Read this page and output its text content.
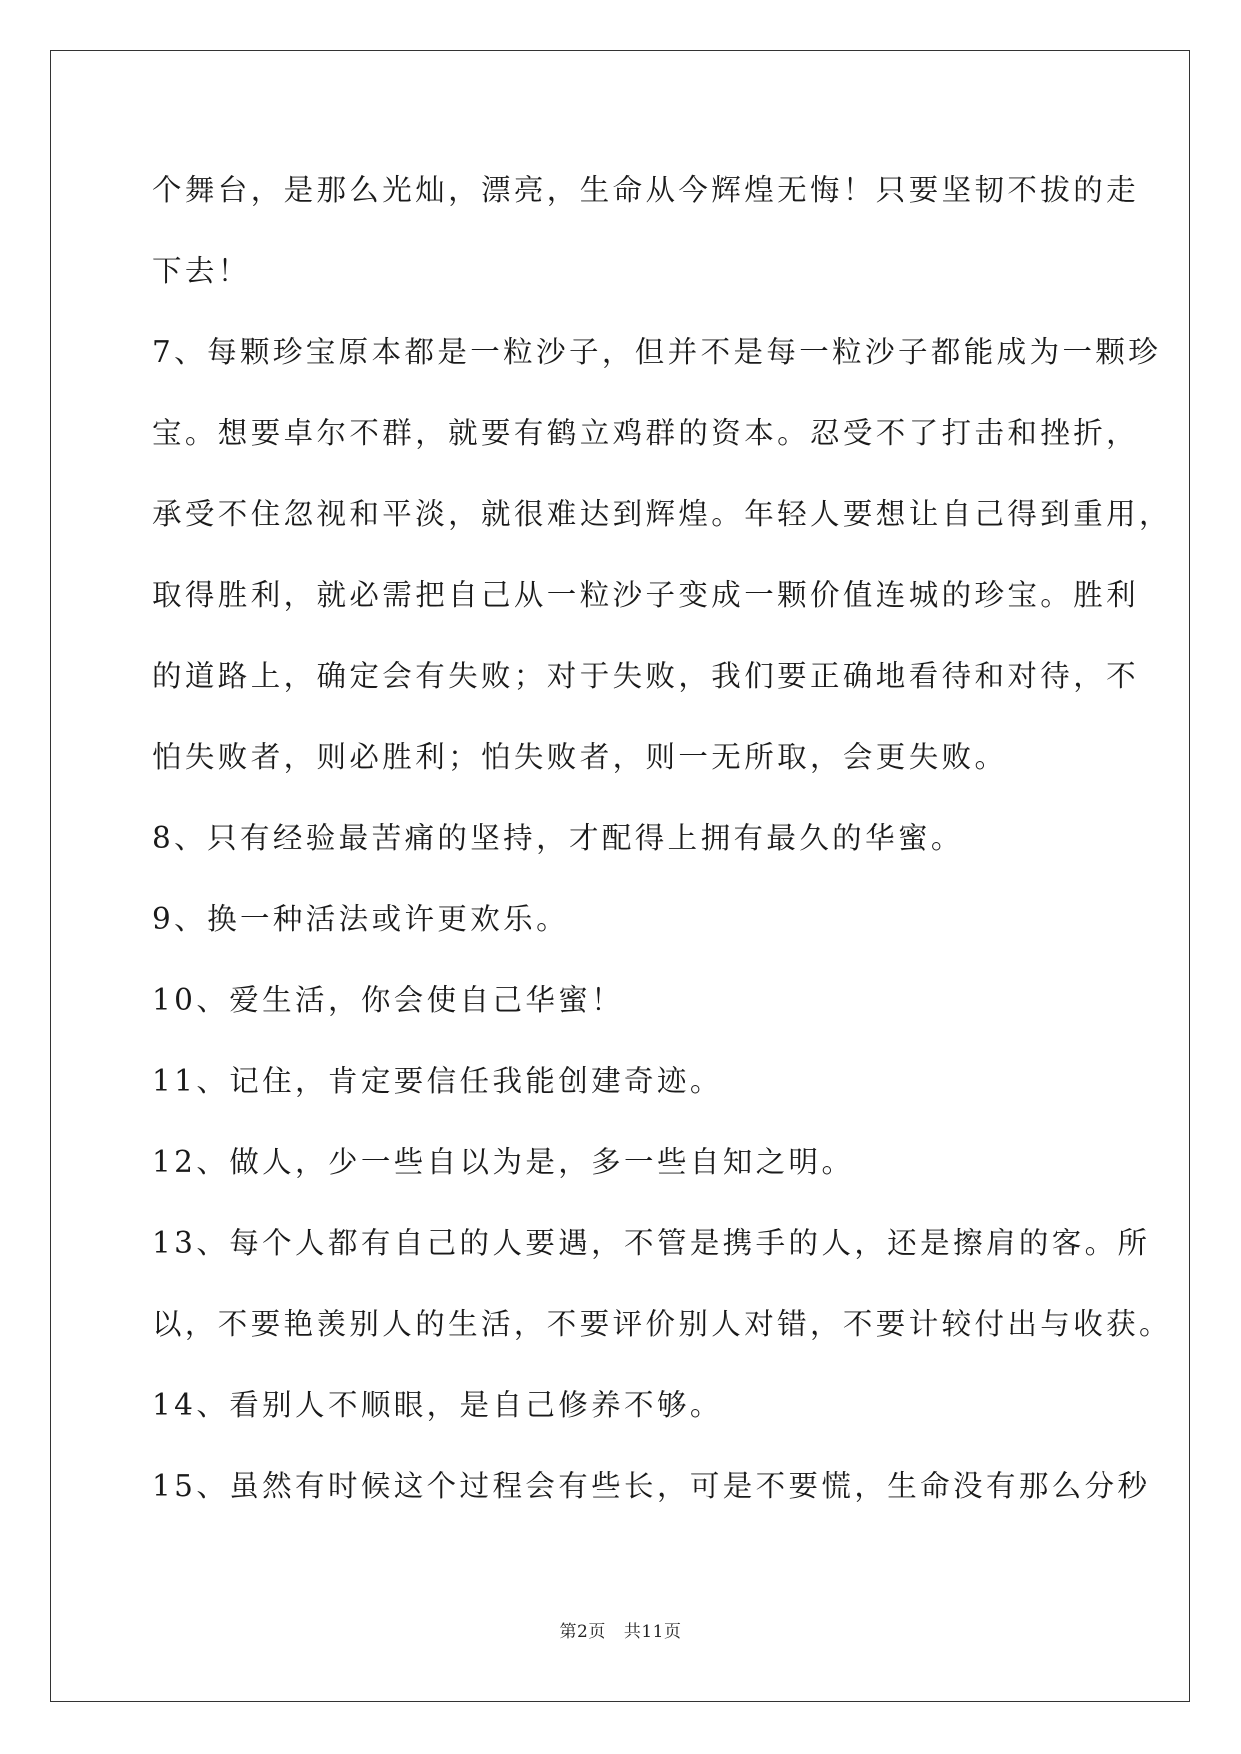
个舞台，是那么光灿，漂亮，生命从今辉煌无悔！只要坚韧不拔的走
下去！
7、每颗珍宝原本都是一粒沙子，但并不是每一粒沙子都能成为一颗珍
宝。想要卓尔不群，就要有鹤立鸡群的资本。忍受不了打击和挫折，
承受不住忽视和平淡，就很难达到辉煌。年轻人要想让自己得到重用，
取得胜利，就必需把自己从一粒沙子变成一颗价值连城的珍宝。胜利
的道路上，确定会有失败；对于失败，我们要正确地看待和对待，不
怕失败者，则必胜利；怕失败者，则一无所取，会更失败。
8、只有经验最苦痛的坚持，才配得上拥有最久的华蜜。
9、换一种活法或许更欢乐。
10、爱生活，你会使自己华蜜！
11、记住，肯定要信任我能创建奇迹。
12、做人，少一些自以为是，多一些自知之明。
13、每个人都有自己的人要遇，不管是携手的人，还是擦肩的客。所
以，不要艳羡别人的生活，不要评价别人对错，不要计较付出与收获。
14、看别人不顺眼，是自己修养不够。
15、虽然有时候这个过程会有些长，可是不要慌，生命没有那么分秒
第2页 共11页
